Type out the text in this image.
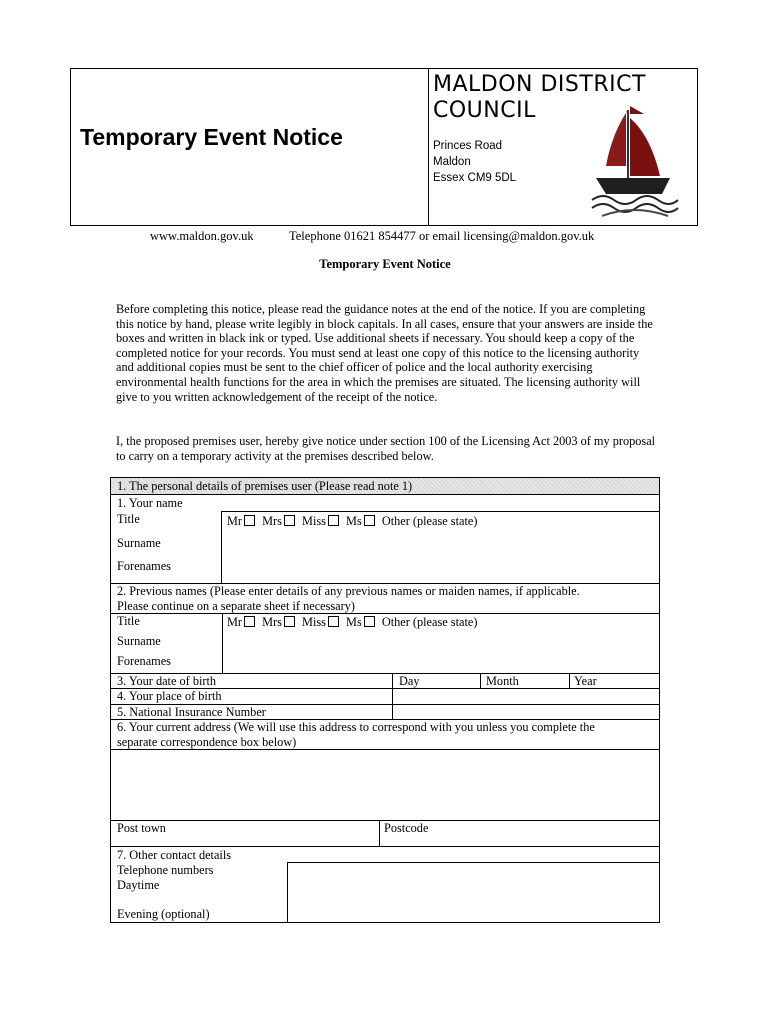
Temporary Event Notice
MALDON DISTRICT
COUNCIL
Princes Road
Maldon
Essex CM9 5DL
www.maldon.gov.uk	Telephone 01621 854477 or email licensing@maldon.gov.uk
Temporary Event Notice
Before completing this notice, please read the guidance notes at the end of the notice. If you are completing this notice by hand, please write legibly in block capitals. In all cases, ensure that your answers are inside the boxes and written in black ink or typed. Use additional sheets if necessary. You should keep a copy of the completed notice for your records. You must send at least one copy of this notice to the licensing authority and additional copies must be sent to the chief officer of police and the local authority exercising environmental health functions for the area in which the premises are situated. The licensing authority will give to you written acknowledgement of the receipt of the notice.
I, the proposed premises user, hereby give notice under section 100 of the Licensing Act 2003 of my proposal to carry on a temporary activity at the premises described below.
1. The personal details of premises user (Please read note 1)
1. Your name
Title	Mr Mrs Miss Ms Other (please state)
Surname
Forenames
2. Previous names (Please enter details of any previous names or maiden names, if applicable.
Please continue on a separate sheet if necessary)
Title	Mr Mrs Miss Ms Other (please state)
Surname
Forenames
3. Your date of birth	Day	Month	Year
4. Your place of birth
5. National Insurance Number
6. Your current address (We will use this address to correspond with you unless you complete the
separate correspondence box below)
Post town	Postcode
7. Other contact details
Telephone numbers
Daytime
Evening (optional)
